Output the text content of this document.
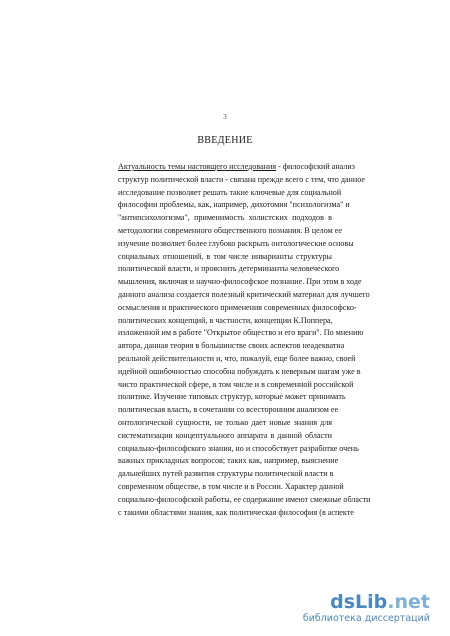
3
ВВЕДЕНИЕ
Актуальность темы настоящего исследования - философский анализ
структур политической власти - связана прежде всего с тем, что данное
исследование позволяет решать такие ключевые для социальной
философии проблемы, как, например, дихотомия "психологизма" и
"антипсихологизма", применимость холистских подходов в
методологии современного общественного познания. В целом ее
изучение позволяет более глубоко раскрыть онтологические основы
социальных отношений, в том числе инварианты структуры
политической власти, и прояснить детерминанты человеческого
мышления, включая и научно-философское познание. При этом в ходе
данного анализа создается полезный критический материал для лучшего
осмысления и практического применения современных философско-
политических концепций, в частности, концепции К.Поппера,
изложенной им в работе "Открытое общество и его враги". По мнению
автора, данная теория в большинстве своих аспектов неадекватна
реальной действительности и, что, пожалуй, еще более важно, своей
идейной ошибочностью способна побуждать к неверным шагам уже в
чисто практической сфере, в том числе и в современной российской
политике. Изучение типовых структур, которые может принимать
политическая власть, в сочетании со всесторонним анализом ее
онтологической сущности, не только дает новые знания для
систематизации концептуального аппарата в данной области
социально-философского знания, но и способствует разработке очень
важных прикладных вопросов; таких как, например, выяснение
дальнейших путей развития структуры политической власти в
современном обществе, в том числе и в России. Характер данной
социально-философской работы, ее содержание имеют смежные области
с такими областями знания, как политическая философия (в аспекте
dsLib.net
библиотека диссертаций
